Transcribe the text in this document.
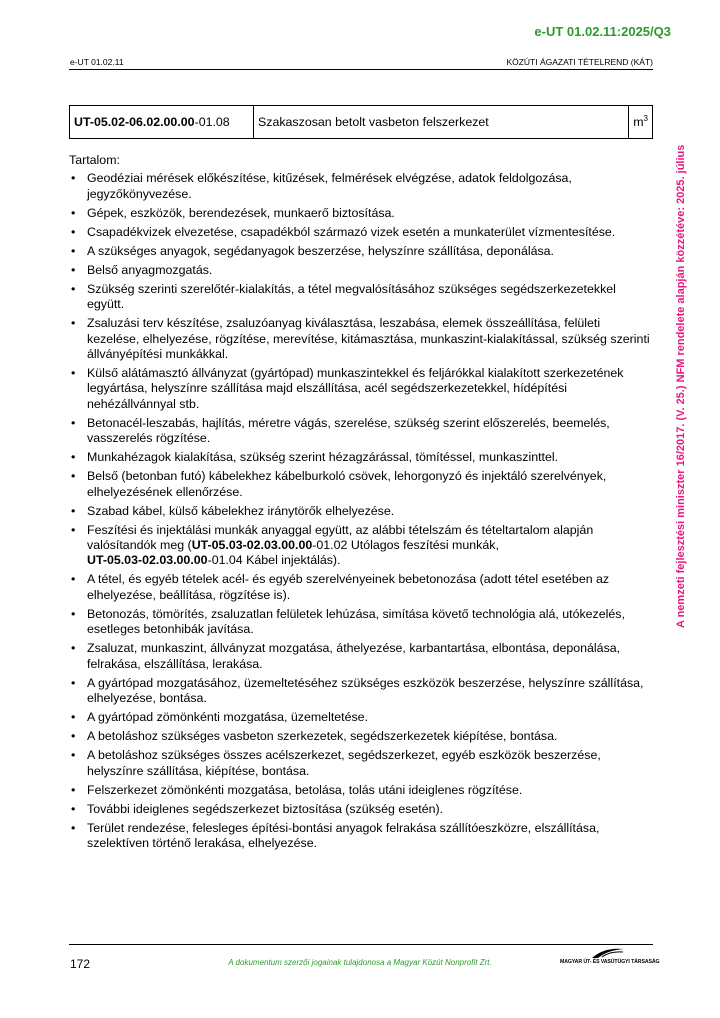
e-UT 01.02.11:2025/Q3
e-UT 01.02.11	KÖZÚTI ÁGAZATI TÉTELREND (KÁT)
A nemzeti fejlesztési miniszter 16/2017. (V. 25.) NFM rendelete alapján közzétéve: 2025. július
UT-05.02-06.02.00.00-01.08	Szakaszosan betolt vasbeton felszerkezet	$m^3$
Tartalom:
• Geodéziai mérések előkészítése, kitűzések, felmérések elvégzése, adatok feldolgozása, jegyzőkönyvezése.
• Gépek, eszközök, berendezések, munkaerő biztosítása.
• Csapadékvizek elvezetése, csapadékból származó vizek esetén a munkaterület vízmentesítése.
• A szükséges anyagok, segédanyagok beszerzése, helyszínre szállítása, deponálása.
• Belső anyagmozgatás.
• Szükség szerinti szerelőtér-kialakítás, a tétel megvalósításához szükséges segédszerkezetekkel együtt.
• Zsaluzási terv készítése, zsaluzóanyag kiválasztása, leszabása, elemek összeállítása, felületi kezelése, elhelyezése, rögzítése, merevítése, kitámasztása, munkaszint-kialakítással, szükség szerinti állványépítési munkákkal.
• Külső alátámasztó állványzat (gyártópad) munkaszintekkel és feljárókkal kialakított szerkezetének legyártása, helyszínre szállítása majd elszállítása, acél segédszerkezetekkel, hídépítési nehézállvánnyal stb.
• Betonacél-leszabás, hajlítás, méretre vágás, szerelése, szükség szerint előszerelés, beemelés, vasszerelés rögzítése.
• Munkahézagok kialakítása, szükség szerint hézagzárással, tömítéssel, munkaszinttel.
• Belső (betonban futó) kábelekhez kábelburkoló csövek, lehorgonyzó és injektáló szerelvények, elhelyezésének ellenőrzése.
• Szabad kábel, külső kábelekhez iránytörők elhelyezése.
• Feszítési és injektálási munkák anyaggal együtt, az alábbi tételszám és tételtartalom alapján valósítandók meg (UT-05.03-02.03.00.00-01.02 Utólagos feszítési munkák,
UT-05.03-02.03.00.00-01.04 Kábel injektálás).
• A tétel, és egyéb tételek acél- és egyéb szerelvényeinek bebetonozása (adott tétel esetében az elhelyezése, beállítása, rögzítése is).
• Betonozás, tömörítés, zsaluzatlan felületek lehúzása, simítása követő technológia alá, utókezelés, esetleges betonhibák javítása.
• Zsaluzat, munkaszint, állványzat mozgatása, áthelyezése, karbantartása, elbontása, deponálása, felrakása, elszállítása, lerakása.
• A gyártópad mozgatásához, üzemeltetéséhez szükséges eszközök beszerzése, helyszínre szállítása, elhelyezése, bontása.
• A gyártópad zömönkénti mozgatása, üzemeltetése.
• A betoláshoz szükséges vasbeton szerkezetek, segédszerkezetek kiépítése, bontása.
• A betoláshoz szükséges összes acélszerkezet, segédszerkezet, egyéb eszközök beszerzése, helyszínre szállítása, kiépítése, bontása.
• Felszerkezet zömönkénti mozgatása, betolása, tolás utáni ideiglenes rögzítése.
• További ideiglenes segédszerkezet biztosítása (szükség esetén).
• Terület rendezése, felesleges építési-bontási anyagok felrakása szállítóeszközre, elszállítása, szelektíven történő lerakása, elhelyezése.
172	A dokumentum szerzői jogainak tulajdonosa a Magyar Közút Nonprofit Zrt.	MAGYAR ÚT- ÉS VASÚTÜGYI TÁRSASÁG
